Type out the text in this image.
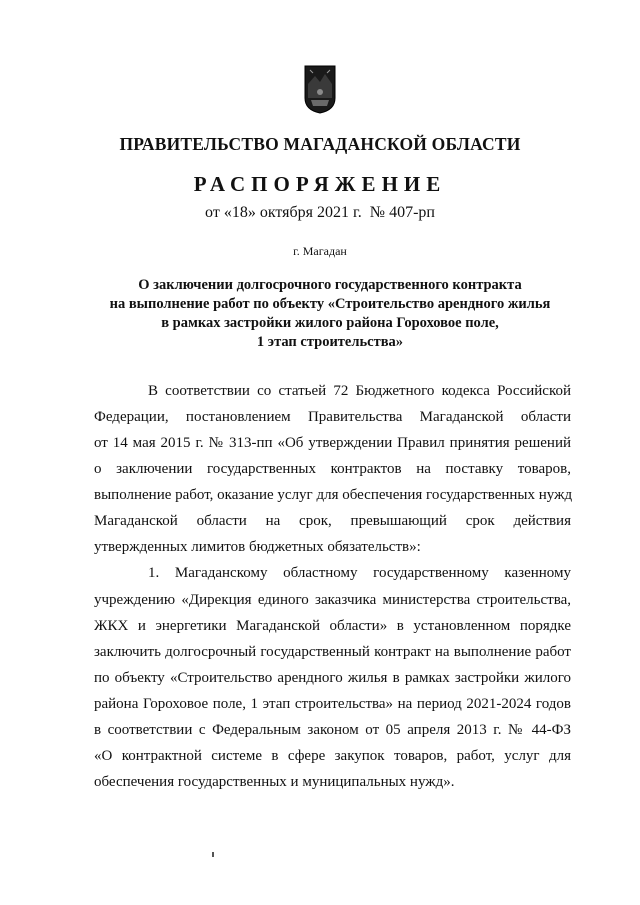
ПРАВИТЕЛЬСТВО МАГАДАНСКОЙ ОБЛАСТИ
РАСПОРЯЖЕНИЕ
от «18» октября 2021 г. № 407-рп
г. Магадан
О заключении долгосрочного государственного контракта
на выполнение работ по объекту «Строительство арендного жилья
в рамках застройки жилого района Гороховое поле,
1 этап строительства»
В соответствии со статьей 72 Бюджетного кодекса Российской
Федерации, постановлением Правительства Магаданской области
от 14 мая 2015 г. № 313-пп «Об утверждении Правил принятия решений
о заключении государственных контрактов на поставку товаров,
выполнение работ, оказание услуг для обеспечения государственных нужд
Магаданской области на срок, превышающий срок действия
утвержденных лимитов бюджетных обязательств»:
1. Магаданскому областному государственному казенному
учреждению «Дирекция единого заказчика министерства строительства,
ЖКХ и энергетики Магаданской области» в установленном порядке
заключить долгосрочный государственный контракт на выполнение работ
по объекту «Строительство арендного жилья в рамках застройки жилого
района Гороховое поле, 1 этап строительства» на период 2021-2024 годов
в соответствии с Федеральным законом от 05 апреля 2013 г. № 44-ФЗ
«О контрактной системе в сфере закупок товаров, работ, услуг для
обеспечения государственных и муниципальных нужд».
